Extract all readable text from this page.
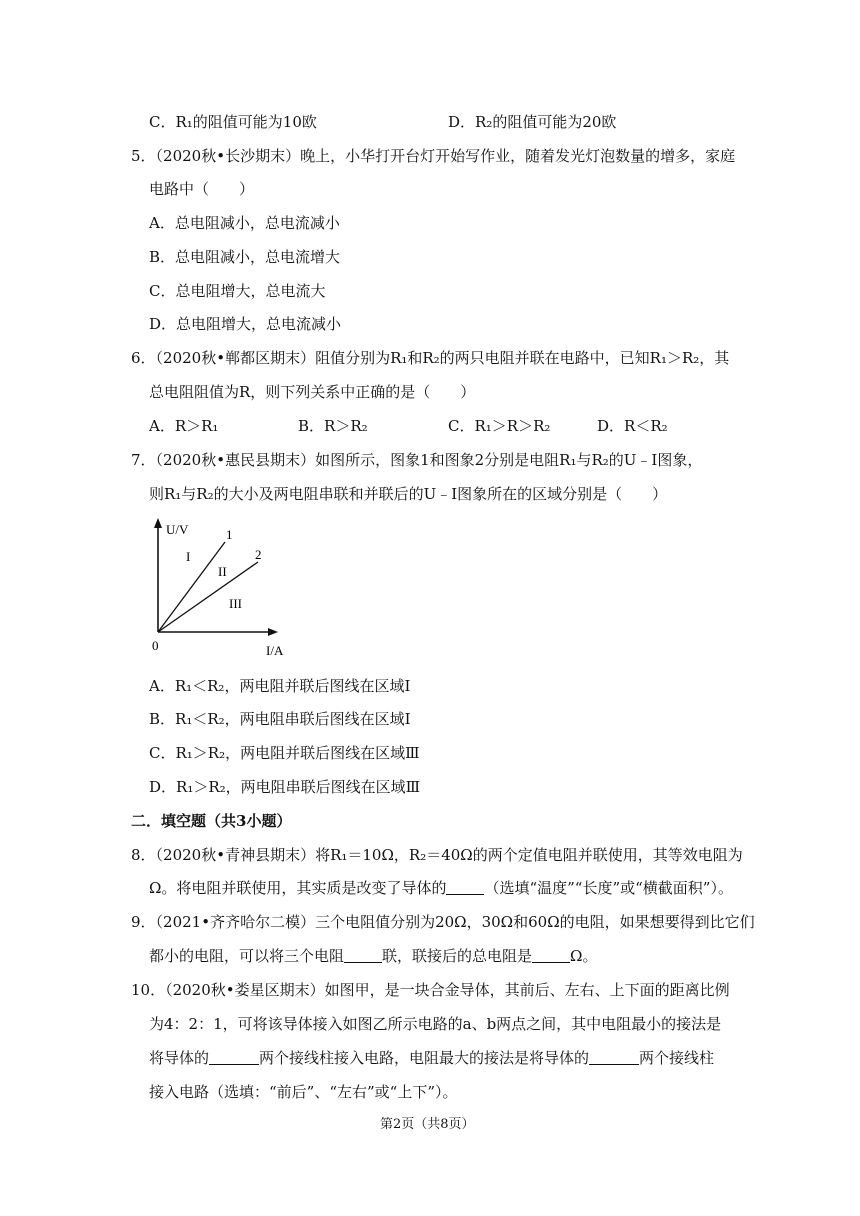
C．R₁的阻值可能为10欧	D．R₂的阻值可能为20欧
5．（2020秋•长沙期末）晚上，小华打开台灯开始写作业，随着发光灯泡数量的增多，家庭
电路中（　　）
A．总电阻减小，总电流减小
B．总电阻减小，总电流增大
C．总电阻增大，总电流大
D．总电阻增大，总电流减小
6．（2020秋•郸都区期末）阻值分别为R₁和R₂的两只电阻并联在电路中，已知R₁＞R₂，其
总电阻阻值为R，则下列关系中正确的是（　　）
A．R＞R₁	B．R＞R₂	C．R₁＞R＞R₂	D．R＜R₂
7．（2020秋•惠民县期末）如图所示，图象1和图象2分别是电阻R₁与R₂的U﹣I图象，
则R₁与R₂的大小及两电阻串联和并联后的U﹣I图象所在的区域分别是（　　）
U/V
I/A
0
1
2
I
II
III
A．R₁＜R₂，两电阻并联后图线在区域Ⅰ
B．R₁＜R₂，两电阻串联后图线在区域Ⅰ
C．R₁＞R₂，两电阻并联后图线在区域Ⅲ
D．R₁＞R₂，两电阻串联后图线在区域Ⅲ
二．填空题（共3小题）
8．（2020秋•青神县期末）将R₁＝10Ω，R₂＝40Ω的两个定值电阻并联使用，其等效电阻为
Ω。将电阻并联使用，其实质是改变了导体的	（选填“温度”“长度”或“横截面积”）。
9．（2021•齐齐哈尔二模）三个电阻值分别为20Ω，30Ω和60Ω的电阻，如果想要得到比它们
都小的电阻，可以将三个电阻	联，联接后的总电阻是	Ω。
10．（2020秋•娄星区期末）如图甲，是一块合金导体，其前后、左右、上下面的距离比例
为4：2：1，可将该导体接入如图乙所示电路的a、b两点之间，其中电阻最小的接法是
将导体的	两个接线柱接入电路，电阻最大的接法是将导体的	两个接线柱
接入电路（选填：“前后”、“左右”或“上下”）。
第2页（共8页）
